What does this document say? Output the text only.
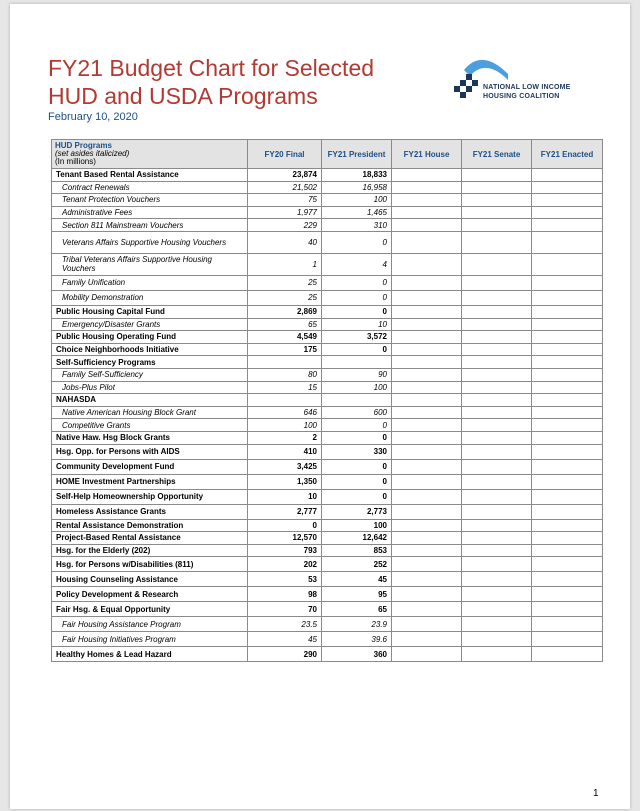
FY21 Budget Chart for Selected
HUD and USDA Programs
February 10, 2020
NATIONAL LOW INCOME
HOUSING COALITION
HUD Programs
(set asides italicized)
(In millions)	FY20 Final	FY21 President	FY21 House	FY21 Senate	FY21 Enacted
Tenant Based Rental Assistance	23,874	18,833			
Contract Renewals	21,502	16,958			
Tenant Protection Vouchers	75	100			
Administrative Fees	1,977	1,465			
Section 811 Mainstream Vouchers	229	310			
Veterans Affairs Supportive Housing Vouchers	40	0			
Tribal Veterans Affairs Supportive Housing Vouchers	1	4			
Family Unification	25	0			
Mobility Demonstration	25	0			
Public Housing Capital Fund	2,869	0			
Emergency/Disaster Grants	65	10			
Public Housing Operating Fund	4,549	3,572			
Choice Neighborhoods Initiative	175	0			
Self-Sufficiency Programs					
Family Self-Sufficiency	80	90			
Jobs-Plus Pilot	15	100			
NAHASDA					
Native American Housing Block Grant	646	600			
Competitive Grants	100	0			
Native Haw. Hsg Block Grants	2	0			
Hsg. Opp. for Persons with AIDS	410	330			
Community Development Fund	3,425	0			
HOME Investment Partnerships	1,350	0			
Self-Help Homeownership Opportunity	10	0			
Homeless Assistance Grants	2,777	2,773			
Rental Assistance Demonstration	0	100			
Project-Based Rental Assistance	12,570	12,642			
Hsg. for the Elderly (202)	793	853			
Hsg. for Persons w/Disabilities (811)	202	252			
Housing Counseling Assistance	53	45			
Policy Development & Research	98	95			
Fair Hsg. & Equal Opportunity	70	65			
Fair Housing Assistance Program	23.5	23.9			
Fair Housing Initiatives Program	45	39.6			
Healthy Homes & Lead Hazard	290	360			
1
